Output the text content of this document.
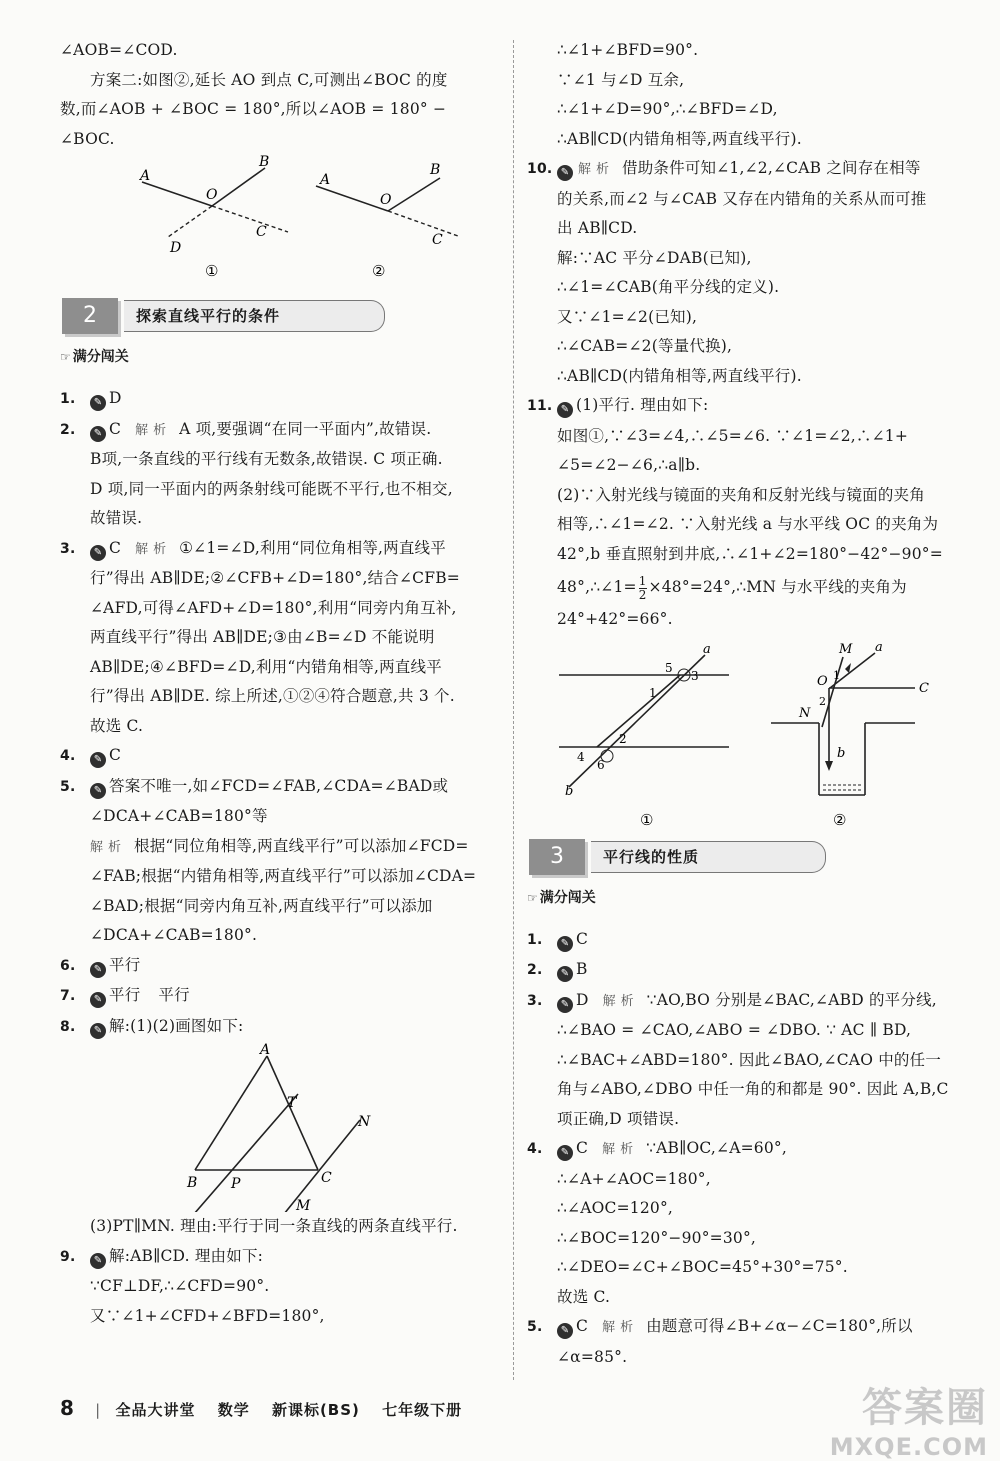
∠AOB=∠COD.
方案二:如图②,延长 AO 到点 C,可测出∠BOC 的度
数,而∠AOB + ∠BOC = 180°,所以∠AOB = 180° −
∠BOC.
A
B
O
C
D
①
A
B
O
C
②
2	探索直线平行的条件
☞ 满分闯关
1. ✎ D
2. ✎ C 解析 A 项,要强调“在同一平面内”,故错误.
B项,一条直线的平行线有无数条,故错误. C 项正确.
D 项,同一平面内的两条射线可能既不平行,也不相交,
故错误.
3. ✎ C 解析 ①∠1=∠D,利用“同位角相等,两直线平
行”得出 AB∥DE;②∠CFB+∠D=180°,结合∠CFB=
∠AFD,可得∠AFD+∠D=180°,利用“同旁内角互补,
两直线平行”得出 AB∥DE;③由∠B=∠D 不能说明
AB∥DE;④∠BFD=∠D,利用“内错角相等,两直线平
行”得出 AB∥DE. 综上所述,①②④符合题意,共 3 个.
故选 C.
4. ✎ C
5. ✎ 答案不唯一,如∠FCD=∠FAB,∠CDA=∠BAD或
∠DCA+∠CAB=180°等
解析 根据“同位角相等,两直线平行”可以添加∠FCD=
∠FAB;根据“内错角相等,两直线平行”可以添加∠CDA=
∠BAD;根据“同旁内角互补,两直线平行”可以添加
∠DCA+∠CAB=180°.
6. ✎ 平行
7. ✎ 平行 平行
8. ✎ 解:(1)(2)画图如下:
A
T
N
B P	C
M
(3)PT∥MN. 理由:平行于同一条直线的两条直线平行.
9. ✎ 解:AB∥CD. 理由如下:
∵CF⊥DF,∴∠CFD=90°.
又∵∠1+∠CFD+∠BFD=180°,
∴∠1+∠BFD=90°.
∵∠1 与∠D 互余,
∴∠1+∠D=90°,∴∠BFD=∠D,
∴AB∥CD(内错角相等,两直线平行).
10. ✎ 解析 借助条件可知∠1,∠2,∠CAB 之间存在相等
的关系,而∠2 与∠CAB 又存在内错角的关系从而可推
出 AB∥CD.
解:∵AC 平分∠DAB(已知),
∴∠1=∠CAB(角平分线的定义).
又∵∠1=∠2(已知),
∴∠CAB=∠2(等量代换),
∴AB∥CD(内错角相等,两直线平行).
11. ✎ (1)平行. 理由如下:
如图①,∵∠3=∠4,∴∠5=∠6. ∵∠1=∠2,∴∠1+
∠5=∠2−∠6,∴a∥b.
(2)∵入射光线与镜面的夹角和反射光线与镜面的夹角
相等,∴∠1=∠2. ∵入射光线 a 与水平线 OC 的夹角为
42°,b 垂直照射到井底,∴∠1+∠2=180°−42°−90°=
48°,∴∠1= $\frac{1}{2}$ ×48°=24°,∴MN 与水平线的夹角为
24°+42°=66°.
a
5
3
1
2
4
6
b
①
M a
O	C
N
1
2
b
②
3	平行线的性质
☞ 满分闯关
1. ✎ C
2. ✎ B
3. ✎ D 解析 ∵AO,BO 分别是∠BAC,∠ABD 的平分线,
∴∠BAO = ∠CAO,∠ABO = ∠DBO. ∵ AC ∥ BD,
∴∠BAC+∠ABD=180°. 因此∠BAO,∠CAO 中的任一
角与∠ABO,∠DBO 中任一角的和都是 90°. 因此 A,B,C
项正确,D 项错误.
4. ✎ C 解析 ∵AB∥OC,∠A=60°,
∴∠A+∠AOC=180°,
∴∠AOC=120°,
∴∠BOC=120°−90°=30°,
∴∠DEO=∠C+∠BOC=45°+30°=75°.
故选 C.
5. ✎ C 解析 由题意可得∠B+∠α−∠C=180°,所以
∠α=85°.
8 | 全品大讲堂 数学 新课标(BS) 七年级下册	答案圈
MXQE.COM
